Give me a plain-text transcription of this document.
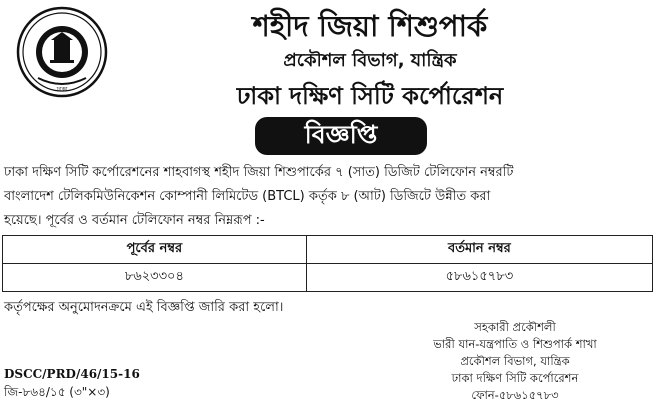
ঢাকা
শহীদ জিয়া শিশুপার্ক
প্রকৌশল বিভাগ, যান্ত্রিক
ঢাকা দক্ষিণ সিটি কর্পোরেশন
বিজ্ঞপ্তি
ঢাকা দক্ষিণ সিটি কর্পোরেশনের শাহবাগস্থ শহীদ জিয়া শিশুপার্কের ৭ (সাত) ডিজিট টেলিফোন নম্বরটি
বাংলাদেশ টেলিকমিউনিকেশন কোম্পানী লিমিটেড (BTCL) কর্তৃক ৮ (আট) ডিজিটে উন্নীত করা
হয়েছে। পূর্বের ও বর্তমান টেলিফোন নম্বর নিম্নরূপ :-
পূর্বের নম্বর	বর্তমান নম্বর
৮৬২৩৩০৪	৫৮৬১৫৭৮৩
কর্তৃপক্ষের অনুমোদনক্রমে এই বিজ্ঞপ্তি জারি করা হলো।
সহকারী প্রকৌশলী
ভারী যান-যন্ত্রপাতি ও শিশুপার্ক শাখা
প্রকৌশল বিভাগ, যান্ত্রিক
ঢাকা দক্ষিণ সিটি কর্পোরেশন
ফোন-৫৮৬১৫৭৮৩
DSCC/PRD/46/15-16
জি-৮৬৪/১৫ (৩"×৩)
